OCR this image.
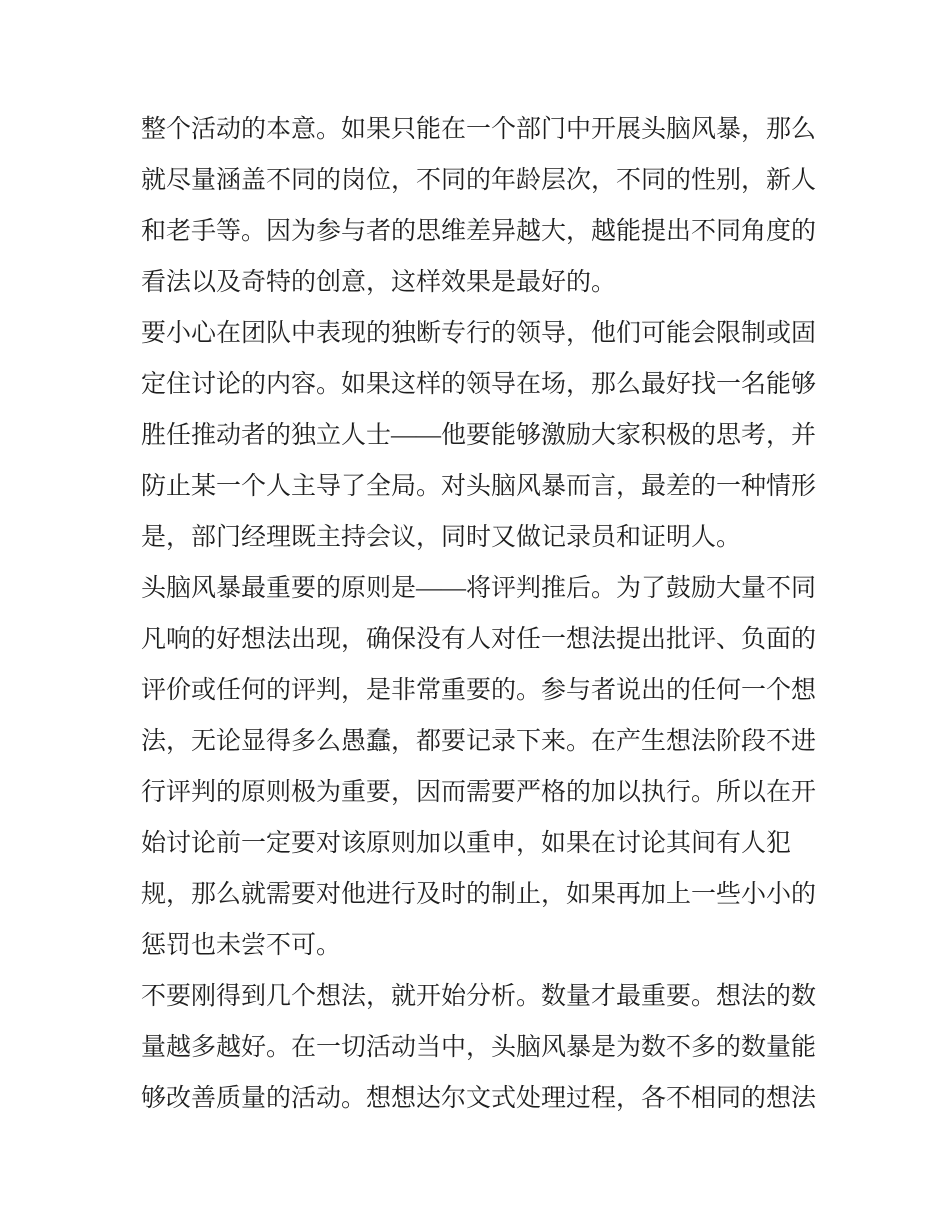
整个活动的本意。如果只能在一个部门中开展头脑风暴，那么
就尽量涵盖不同的岗位，不同的年龄层次，不同的性别，新人
和老手等。因为参与者的思维差异越大，越能提出不同角度的
看法以及奇特的创意，这样效果是最好的。
要小心在团队中表现的独断专行的领导，他们可能会限制或固
定住讨论的内容。如果这样的领导在场，那么最好找一名能够
胜任推动者的独立人士——他要能够激励大家积极的思考，并
防止某一个人主导了全局。对头脑风暴而言，最差的一种情形
是，部门经理既主持会议，同时又做记录员和证明人。
头脑风暴最重要的原则是——将评判推后。为了鼓励大量不同
凡响的好想法出现，确保没有人对任一想法提出批评、负面的
评价或任何的评判，是非常重要的。参与者说出的任何一个想
法，无论显得多么愚蠢，都要记录下来。在产生想法阶段不进
行评判的原则极为重要，因而需要严格的加以执行。所以在开
始讨论前一定要对该原则加以重申，如果在讨论其间有人犯
规，那么就需要对他进行及时的制止，如果再加上一些小小的
惩罚也未尝不可。
不要刚得到几个想法，就开始分析。数量才最重要。想法的数
量越多越好。在一切活动当中，头脑风暴是为数不多的数量能
够改善质量的活动。想想达尔文式处理过程，各不相同的想法
